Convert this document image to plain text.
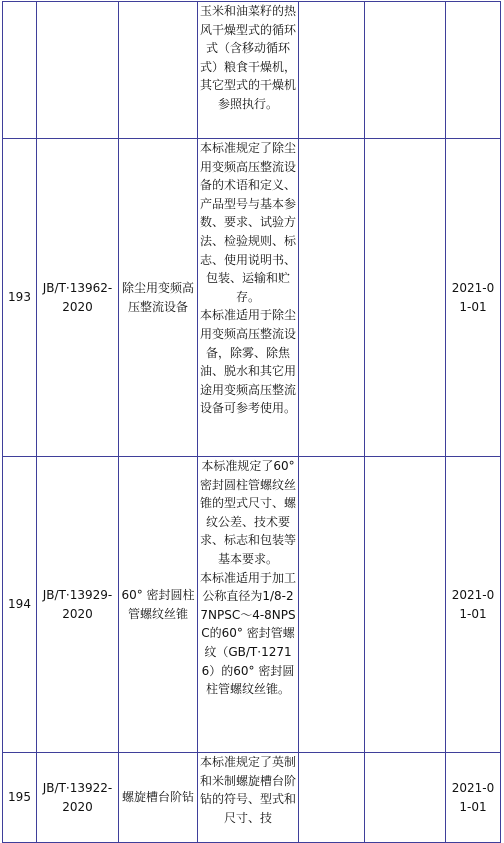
			玉米和油菜籽的热风干燥型式的循环式（含移动循环式）粮食干燥机，其它型式的干燥机参照执行。			

193	JB/T·13962-2020	除尘用变频高压整流设备	本标准规定了除尘用变频高压整流设备的术语和定义、产品型号与基本参数、要求、试验方法、检验规则、标志、使用说明书、包装、运输和贮存。
本标准适用于除尘用变频高压整流设备，除雾、除焦油、脱水和其它用途用变频高压整流设备可参考使用。			2021-01-01
194	JB/T·13929-2020	60° 密封圆柱管螺纹丝锥	本标准规定了60° 密封圆柱管螺纹丝锥的型式尺寸、螺纹公差、技术要求、标志和包装等基本要求。
本标准适用于加工公称直径为1/8-27NPSC～4-8NPSC的60° 密封管螺纹（GB/T·12716）的60° 密封圆柱管螺纹丝锥。			2021-01-01
195	JB/T·13922-2020	螺旋槽台阶钻	本标准规定了英制和米制螺旋槽台阶钻的符号、型式和尺寸、技			2021-01-01
